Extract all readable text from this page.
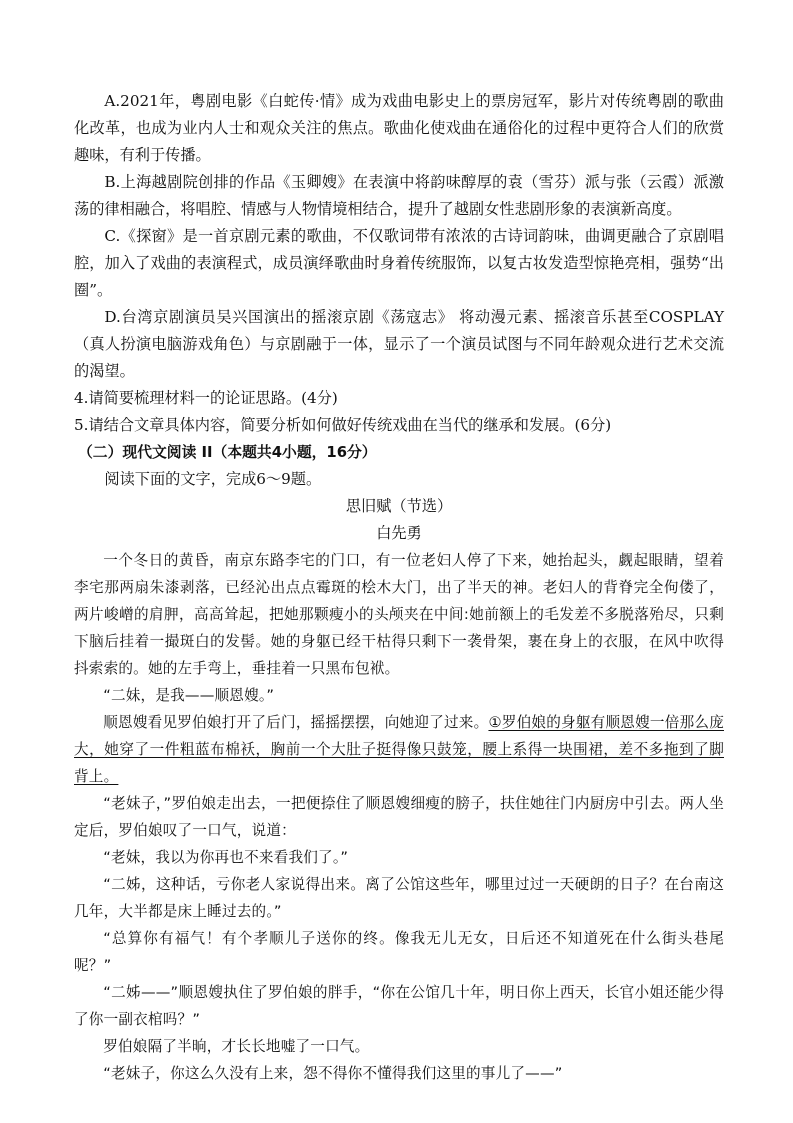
A.2021年，粤剧电影《白蛇传·情》成为戏曲电影史上的票房冠军，影片对传统粤剧的歌曲化改革，也成为业内人士和观众关注的焦点。歌曲化使戏曲在通俗化的过程中更符合人们的欣赏趣味，有利于传播。

B.上海越剧院创排的作品《玉卿嫂》在表演中将韵味醇厚的袁（雪芬）派与张（云霞）派激荡的律相融合，将唱腔、情感与人物情境相结合，提升了越剧女性悲剧形象的表演新高度。

C.《探窗》是一首京剧元素的歌曲，不仅歌词带有浓浓的古诗词韵味，曲调更融合了京剧唱腔，加入了戏曲的表演程式，成员演绎歌曲时身着传统服饰，以复古妆发造型惊艳亮相，强势“出圈”。

D.台湾京剧演员吴兴国演出的摇滚京剧《荡寇志》 将动漫元素、摇滚音乐甚至COSPLAY（真人扮演电脑游戏角色）与京剧融于一体，显示了一个演员试图与不同年龄观众进行艺术交流的渴望。

4.请简要梳理材料一的论证思路。(4分)

5.请结合文章具体内容，简要分析如何做好传统戏曲在当代的继承和发展。(6分)

（二）现代文阅读 II（本题共4小题，16分）

阅读下面的文字，完成6～9题。

思旧赋（节选）

白先勇

一个冬日的黄昏，南京东路李宅的门口，有一位老妇人停了下来，她抬起头，觑起眼睛，望着李宅那两扇朱漆剥落，已经沁出点点霉斑的桧木大门，出了半天的神。老妇人的背脊完全佝偻了，两片峻嶒的肩胛，高高耸起，把她那颗瘦小的头颅夹在中间:她前额上的毛发差不多脱落殆尽，只剩下脑后挂着一撮斑白的发髻。她的身躯已经干枯得只剩下一袭骨架，裹在身上的衣服，在风中吹得抖索索的。她的左手弯上，垂挂着一只黑布包袱。

“二妹，是我——顺恩嫂。”

顺恩嫂看见罗伯娘打开了后门，摇摇摆摆，向她迎了过来。①罗伯娘的身躯有顺恩嫂一倍那么庞大，她穿了一件粗蓝布棉袄，胸前一个大肚子挺得像只鼓笼，腰上系得一块围裙，差不多拖到了脚背上。

“老妹子，”罗伯娘走出去，一把便捺住了顺恩嫂细瘦的膀子，扶住她往门内厨房中引去。两人坐定后，罗伯娘叹了一口气，说道：

“老妹，我以为你再也不来看我们了。”

“二姊，这种话，亏你老人家说得出来。离了公馆这些年，哪里过过一天硬朗的日子？在台南这几年，大半都是床上睡过去的。”

“总算你有福气！有个孝顺儿子送你的终。像我无儿无女，日后还不知道死在什么街头巷尾呢？”

“二姊——”顺恩嫂执住了罗伯娘的胖手，“你在公馆几十年，明日你上西天，长官小姐还能少得了你一副衣棺吗？”

罗伯娘隔了半晌，才长长地嘘了一口气。

“老妹子，你这么久没有上来，怨不得你不懂得我们这里的事儿了——”
